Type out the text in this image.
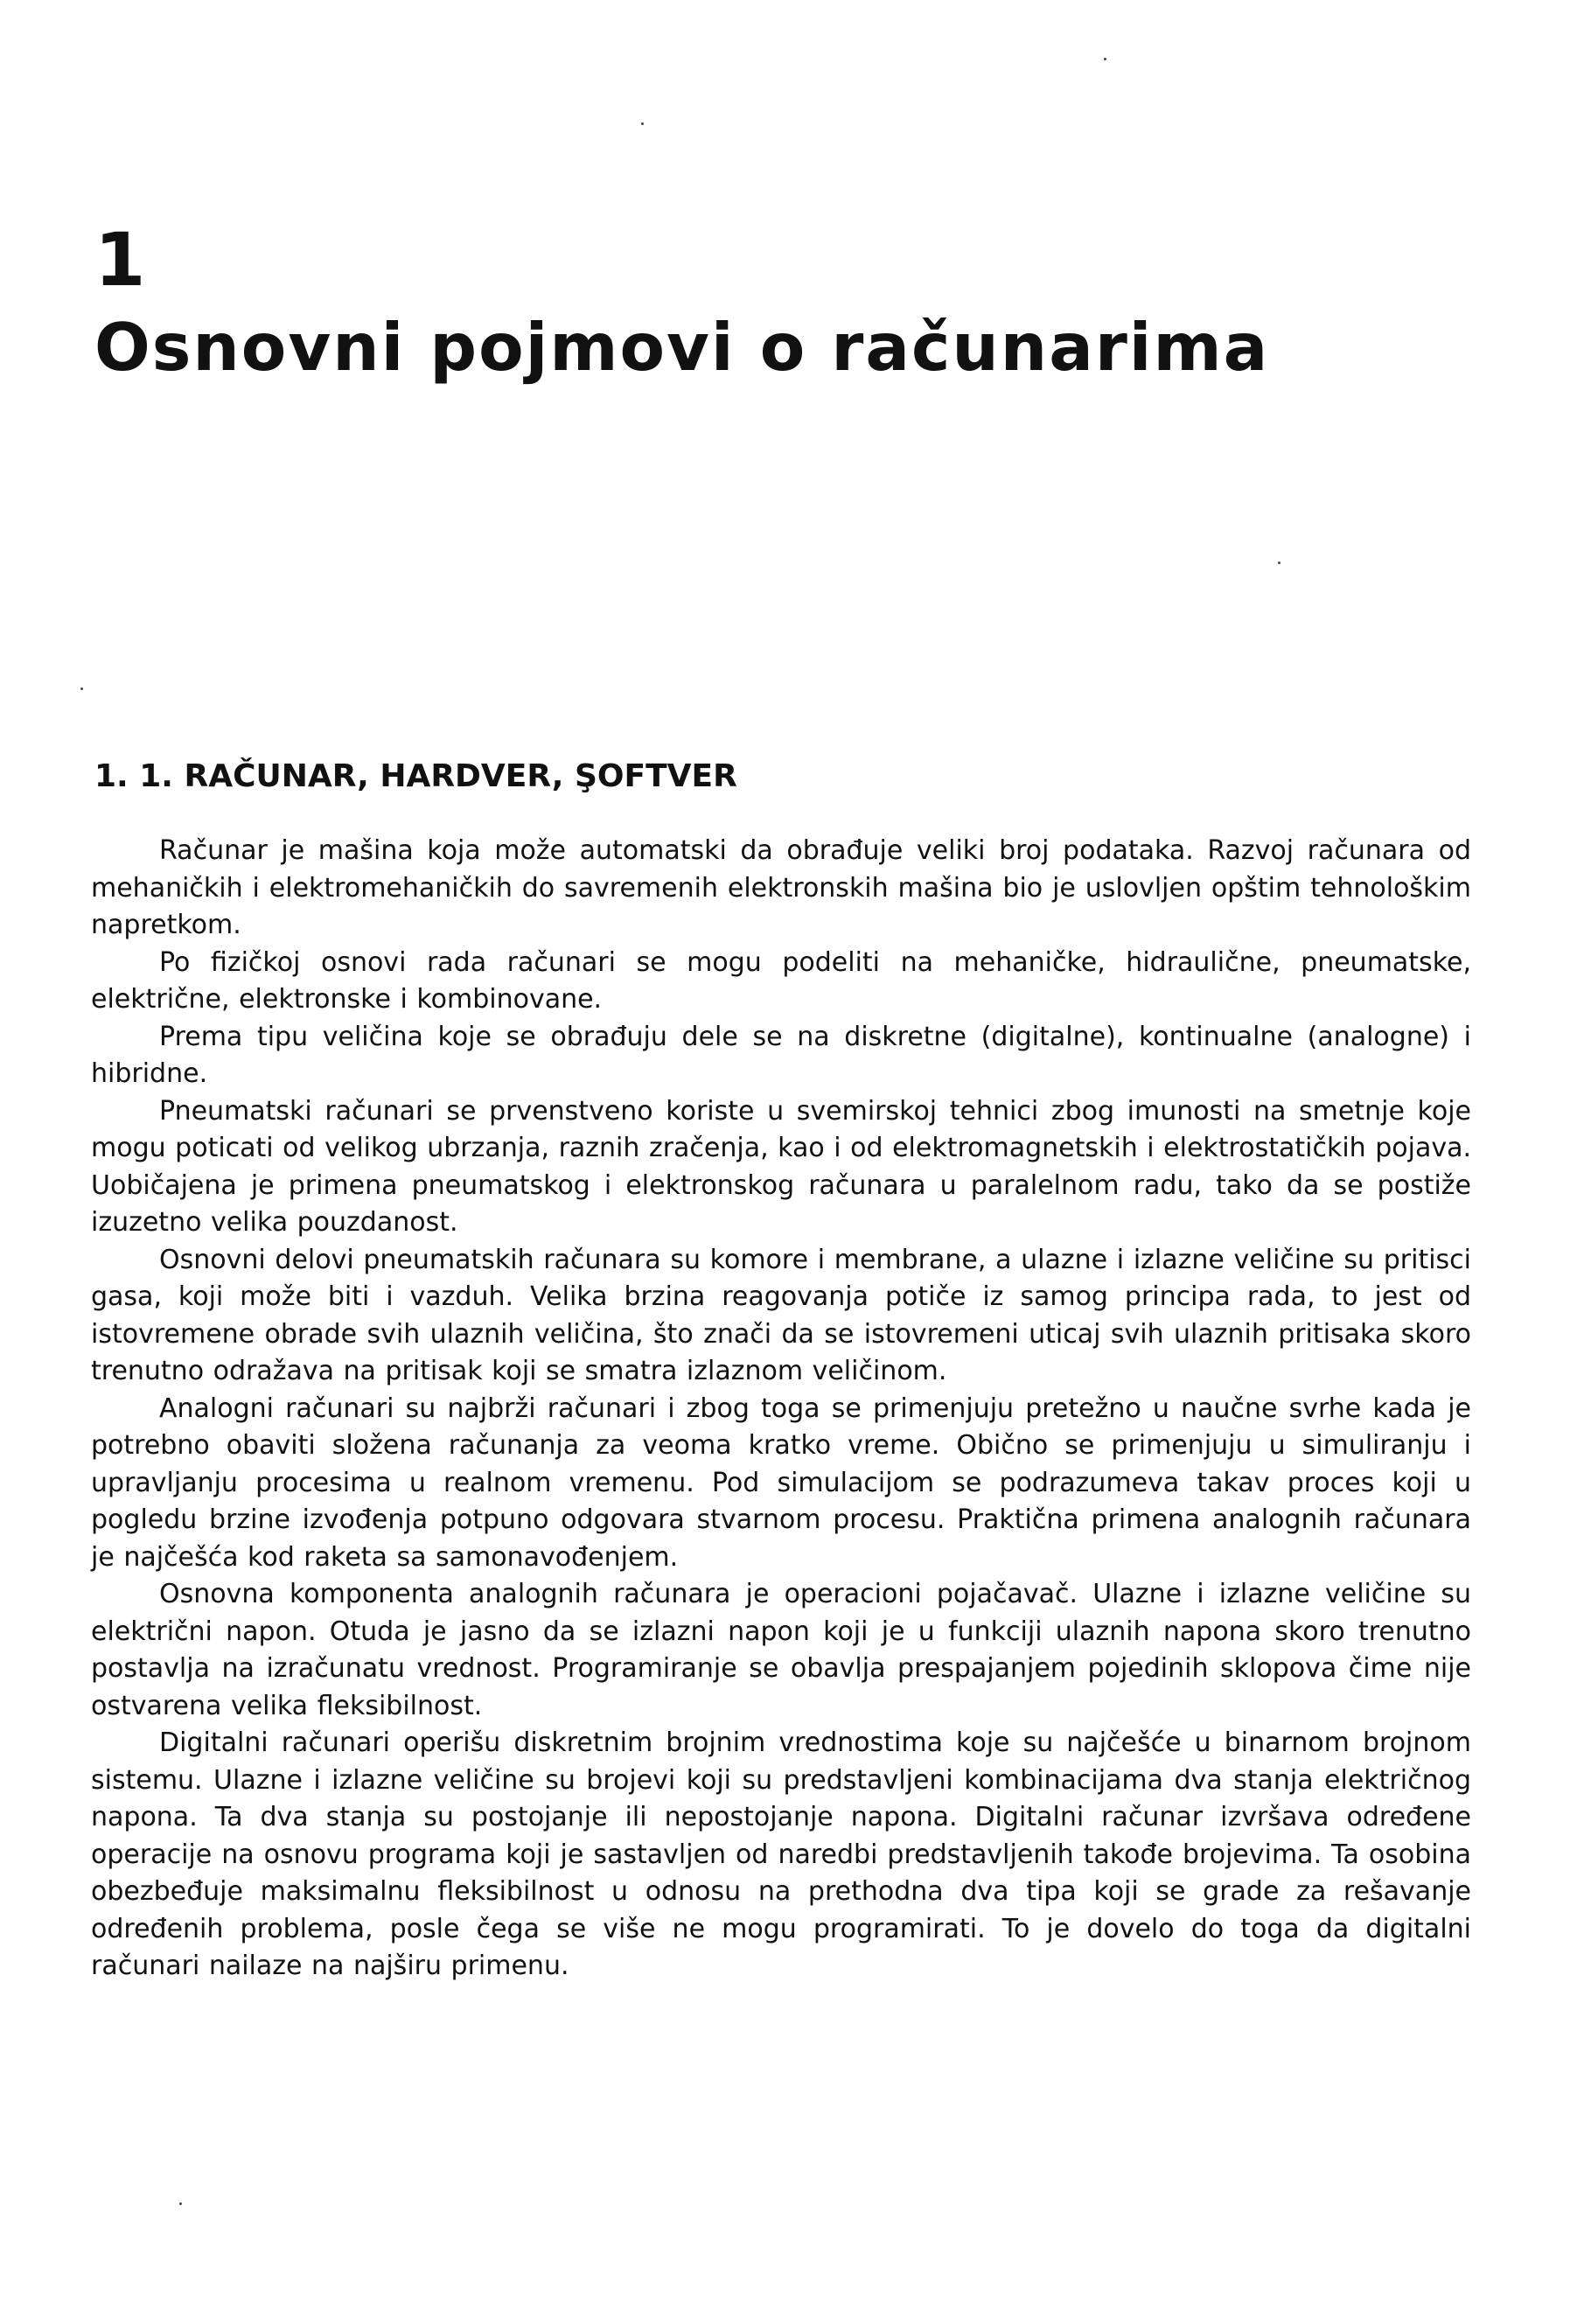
1
Osnovni pojmovi o računarima
1. 1. RAČUNAR, HARDVER, ŞOFTVER

Računar je mašina koja može automatski da obrađuje veliki broj podataka. Razvoj računara od mehaničkih i elektromehaničkih do savremenih elektronskih mašina bio je uslovljen opštim tehnološkim napretkom.

Po fizičkoj osnovi rada računari se mogu podeliti na mehaničke, hidraulične, pneumatske, električne, elektronske i kombinovane.

Prema tipu veličina koje se obrađuju dele se na diskretne (digitalne), kontinualne (analogne) i hibridne.

Pneumatski računari se prvenstveno koriste u svemirskoj tehnici zbog imunosti na smetnje koje mogu poticati od velikog ubrzanja, raznih zračenja, kao i od elektromagnetskih i elektrostatičkih pojava. Uobičajena je primena pneumatskog i elektronskog računara u paralelnom radu, tako da se postiže izuzetno velika pouzdanost.

Osnovni delovi pneumatskih računara su komore i membrane, a ulazne i izlazne veličine su pritisci gasa, koji može biti i vazduh. Velika brzina reagovanja potiče iz samog principa rada, to jest od istovremene obrade svih ulaznih veličina, što znači da se istovremeni uticaj svih ulaznih pritisaka skoro trenutno odražava na pritisak koji se smatra izlaznom veličinom.

Analogni računari su najbrži računari i zbog toga se primenjuju pretežno u naučne svrhe kada je potrebno obaviti složena računanja za veoma kratko vreme. Obično se primenjuju u simuliranju i upravljanju procesima u realnom vremenu. Pod simulacijom se podrazumeva takav proces koji u pogledu brzine izvođenja potpuno odgovara stvarnom procesu. Praktična primena analognih računara je najčešća kod raketa sa samonavođenjem.

Osnovna komponenta analognih računara je operacioni pojačavač. Ulazne i izlazne veličine su električni napon. Otuda je jasno da se izlazni napon koji je u funkciji ulaznih napona skoro trenutno postavlja na izračunatu vrednost. Programiranje se obavlja prespajanjem pojedinih sklopova čime nije ostvarena velika fleksibilnost.

Digitalni računari operišu diskretnim brojnim vrednostima koje su najčešće u binarnom brojnom sistemu. Ulazne i izlazne veličine su brojevi koji su predstavljeni kombinacijama dva stanja električnog napona. Ta dva stanja su postojanje ili nepostojanje napona. Digitalni računar izvršava određene operacije na osnovu programa koji je sastavljen od naredbi predstavljenih takođe brojevima. Ta osobina obezbeđuje maksimalnu fleksibilnost u odnosu na prethodna dva tipa koji se grade za rešavanje određenih problema, posle čega se više ne mogu programirati. To je dovelo do toga da digitalni računari nailaze na najširu primenu.
